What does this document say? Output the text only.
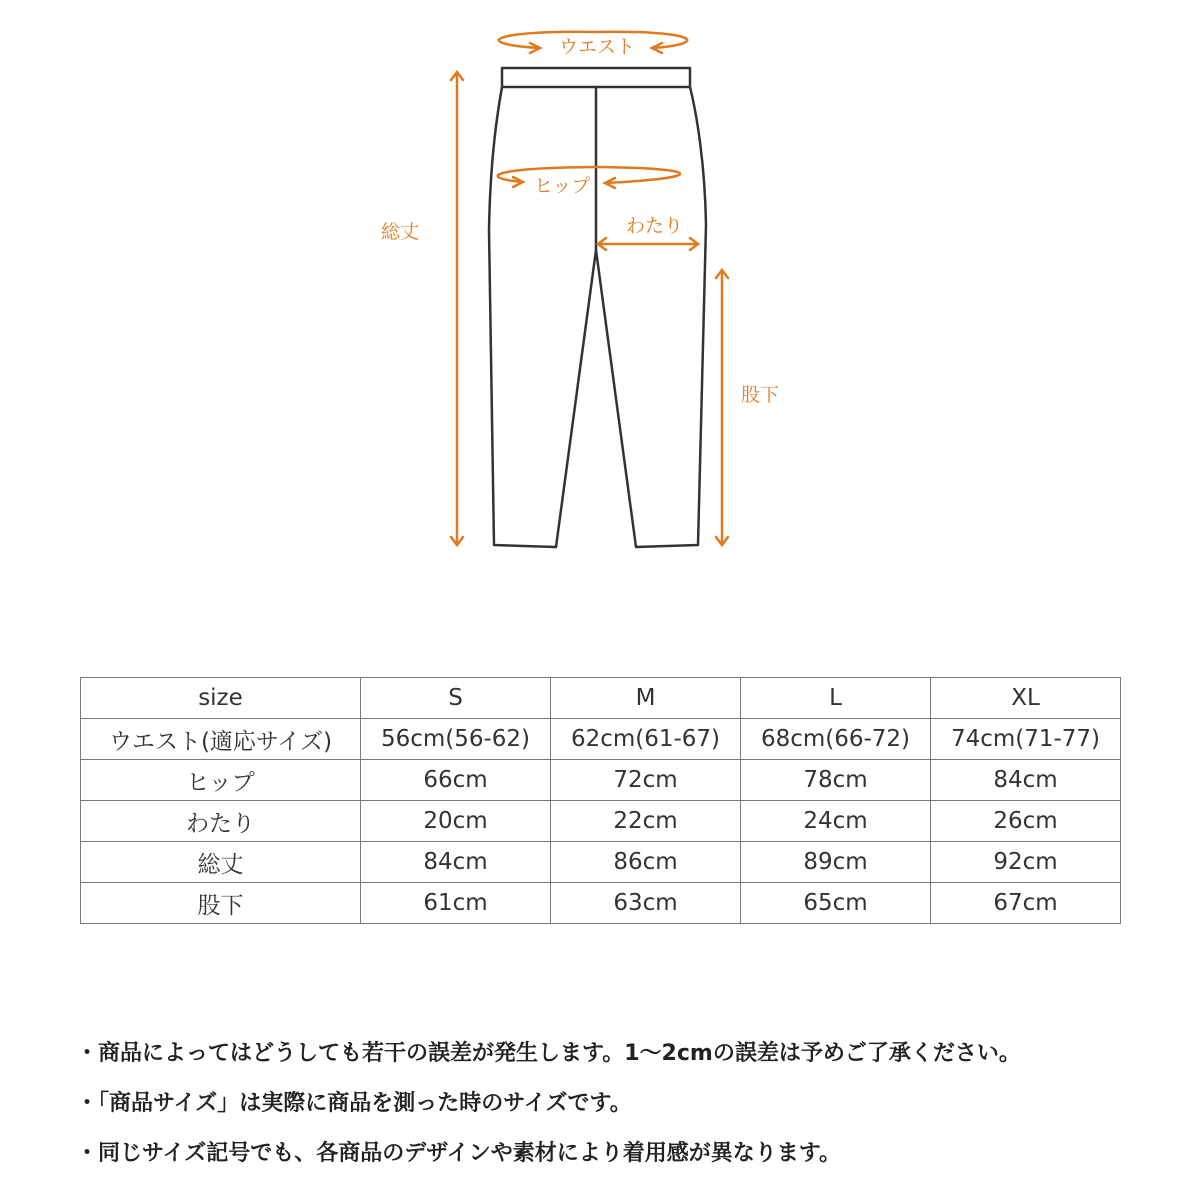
ウエスト
ヒップ
わたり
総丈
股下
size	S	M	L	XL
ウエスト(適応サイズ)	56cm(56-62)	62cm(61-67)	68cm(66-72)	74cm(71-77)
ヒップ	66cm	72cm	78cm	84cm
わたり	20cm	22cm	24cm	26cm
総丈	84cm	86cm	89cm	92cm
股下	61cm	63cm	65cm	67cm
・商品によってはどうしても若干の誤差が発生します。1～2cmの誤差は予めご了承ください。
・「商品サイズ」は実際に商品を測った時のサイズです。
・同じサイズ記号でも、各商品のデザインや素材により着用感が異なります。
